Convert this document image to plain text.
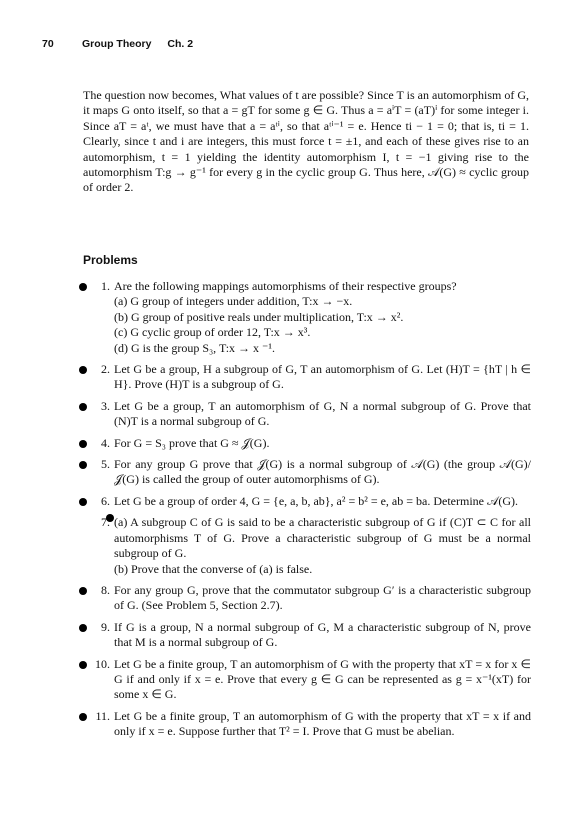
70	Group Theory Ch. 2

The question now becomes, What values of t are possible? Since T is an automorphism of G, it maps G onto itself, so that a = gT for some g ∈ G. Thus a = aⁱT = (aT)ⁱ for some integer i. Since aT = aᵗ, we must have that a = aᵗⁱ, so that aᵗⁱ⁻¹ = e. Hence ti − 1 = 0; that is, ti = 1. Clearly, since t and i are integers, this must force t = ±1, and each of these gives rise to an automorphism, t = 1 yielding the identity automorphism I, t = −1 giving rise to the automorphism T:g → g⁻¹ for every g in the cyclic group G. Thus here, 𝒜(G) ≈ cyclic group of order 2.

Problems
1. Are the following mappings automorphisms of their respective groups?
(a) G group of integers under addition, T:x → −x.
(b) G group of positive reals under multiplication, T:x → x².
(c) G cyclic group of order 12, T:x → x³.
(d) G is the group S₃, T:x → x ⁻¹.
2. Let G be a group, H a subgroup of G, T an automorphism of G. Let (H)T = {hT | h ∈ H}. Prove (H)T is a subgroup of G.
3. Let G be a group, T an automorphism of G, N a normal subgroup of G. Prove that (N)T is a normal subgroup of G.
4. For G = S₃ prove that G ≈ 𝒥(G).
5. For any group G prove that 𝒥(G) is a normal subgroup of 𝒜(G) (the group 𝒜(G)/𝒥(G) is called the group of outer automorphisms of G).
6. Let G be a group of order 4, G = {e, a, b, ab}, a² = b² = e, ab = ba. Determine 𝒜(G).
7. (a) A subgroup C of G is said to be a characteristic subgroup of G if (C)T ⊂ C for all automorphisms T of G. Prove a characteristic subgroup of G must be a normal subgroup of G.
(b) Prove that the converse of (a) is false.
8. For any group G, prove that the commutator subgroup G′ is a characteristic subgroup of G. (See Problem 5, Section 2.7).
9. If G is a group, N a normal subgroup of G, M a characteristic subgroup of N, prove that M is a normal subgroup of G.
10. Let G be a finite group, T an automorphism of G with the property that xT = x for x ∈ G if and only if x = e. Prove that every g ∈ G can be represented as g = x⁻¹(xT) for some x ∈ G.
11. Let G be a finite group, T an automorphism of G with the property that xT = x if and only if x = e. Suppose further that T² = I. Prove that G must be abelian.
